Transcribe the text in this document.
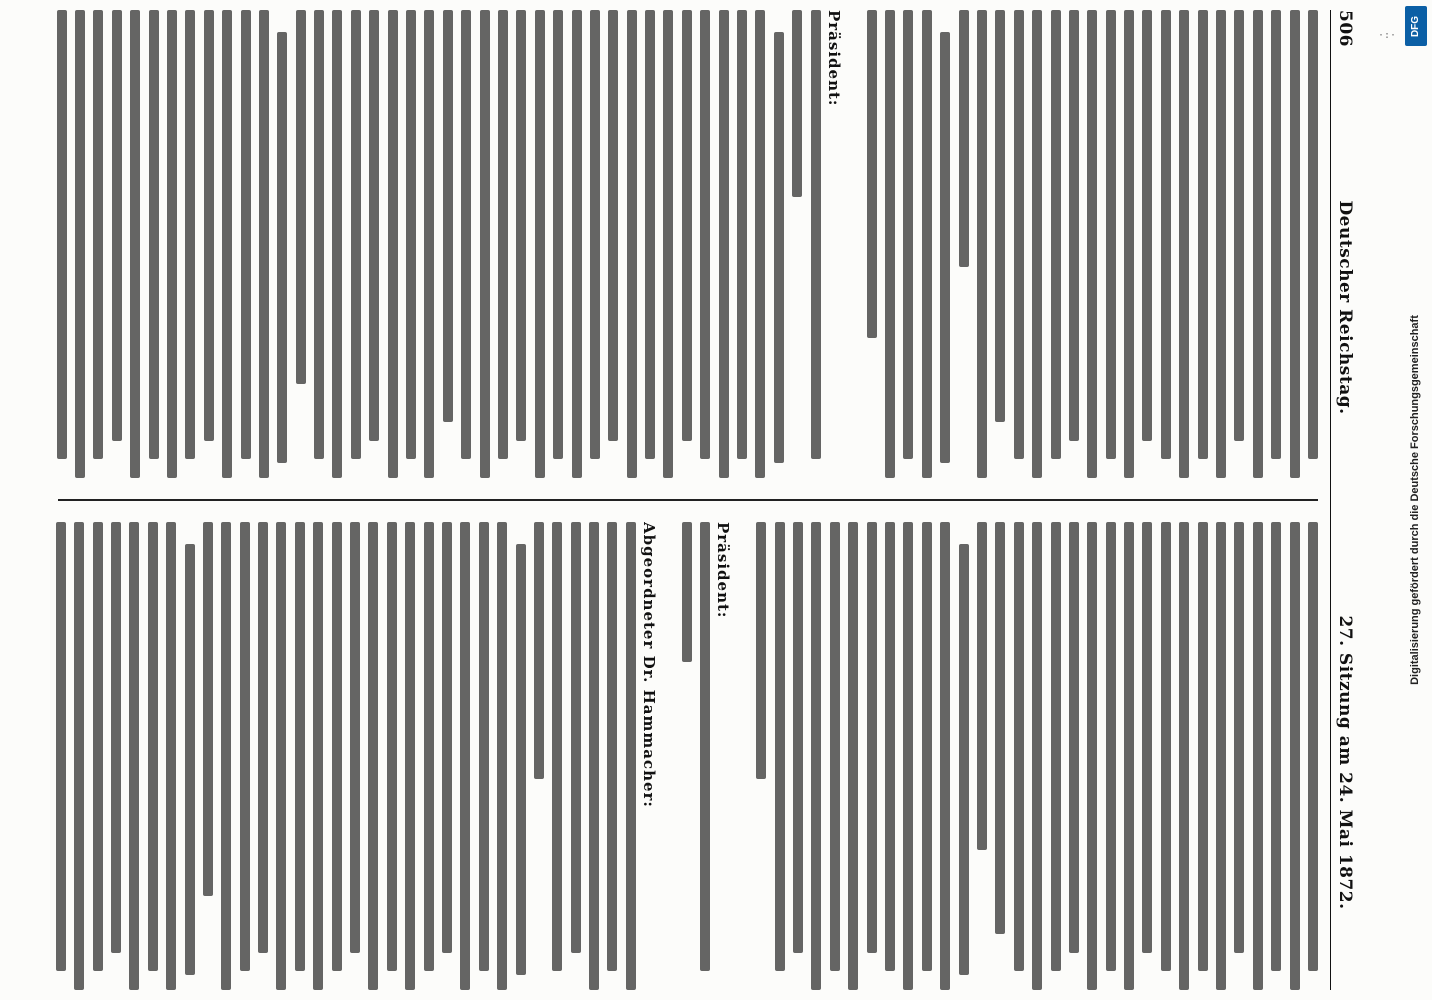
DFG
·:·
Digitalisierung gefördert durch die Deutsche Forschungsgemeinschaft
506
Deutscher Reichstag.
27. Sitzung am 24. Mai 1872.
Präsident:
Präsident:
Abgeordneter Dr. Hammacher:
